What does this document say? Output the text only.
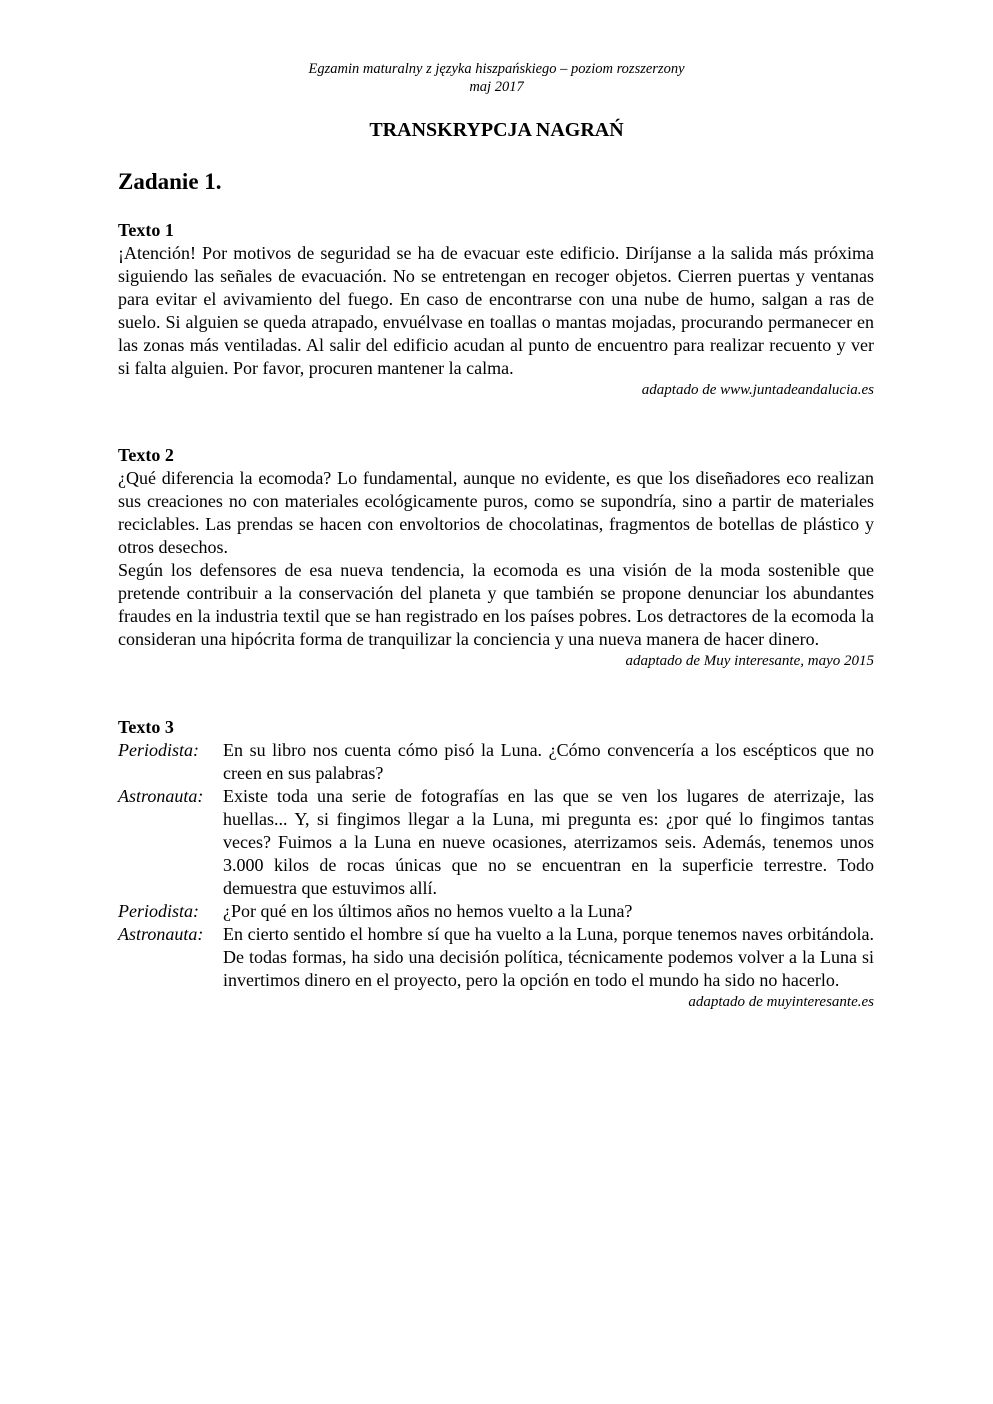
Egzamin maturalny z języka hiszpańskiego – poziom rozszerzony
maj 2017
TRANSKRYPCJA NAGRAŃ
Zadanie 1.
Texto 1

¡Atención! Por motivos de seguridad se ha de evacuar este edificio. Diríjanse a la salida más próxima siguiendo las señales de evacuación. No se entretengan en recoger objetos. Cierren puertas y ventanas para evitar el avivamiento del fuego. En caso de encontrarse con una nube de humo, salgan a ras de suelo. Si alguien se queda atrapado, envuélvase en toallas o mantas mojadas, procurando permanecer en las zonas más ventiladas. Al salir del edificio acudan al punto de encuentro para realizar recuento y ver si falta alguien. Por favor, procuren mantener la calma.

adaptado de www.juntadeandalucia.es
Texto 2

¿Qué diferencia la ecomoda? Lo fundamental, aunque no evidente, es que los diseñadores eco realizan sus creaciones no con materiales ecológicamente puros, como se supondría, sino a partir de materiales reciclables. Las prendas se hacen con envoltorios de chocolatinas, fragmentos de botellas de plástico y otros desechos.

Según los defensores de esa nueva tendencia, la ecomoda es una visión de la moda sostenible que pretende contribuir a la conservación del planeta y que también se propone denunciar los abundantes fraudes en la industria textil que se han registrado en los países pobres. Los detractores de la ecomoda la consideran una hipócrita forma de tranquilizar la conciencia y una nueva manera de hacer dinero.

adaptado de Muy interesante, mayo 2015
Texto 3
Periodista:	En su libro nos cuenta cómo pisó la Luna. ¿Cómo convencería a los escépticos que no creen en sus palabras?
Astronauta:	Existe toda una serie de fotografías en las que se ven los lugares de aterrizaje, las huellas... Y, si fingimos llegar a la Luna, mi pregunta es: ¿por qué lo fingimos tantas veces? Fuimos a la Luna en nueve ocasiones, aterrizamos seis. Además, tenemos unos 3.000 kilos de rocas únicas que no se encuentran en la superficie terrestre. Todo demuestra que estuvimos allí.
Periodista:	¿Por qué en los últimos años no hemos vuelto a la Luna?
Astronauta:	En cierto sentido el hombre sí que ha vuelto a la Luna, porque tenemos naves orbitándola. De todas formas, ha sido una decisión política, técnicamente podemos volver a la Luna si invertimos dinero en el proyecto, pero la opción en todo el mundo ha sido no hacerlo.
adaptado de muyinteresante.es
